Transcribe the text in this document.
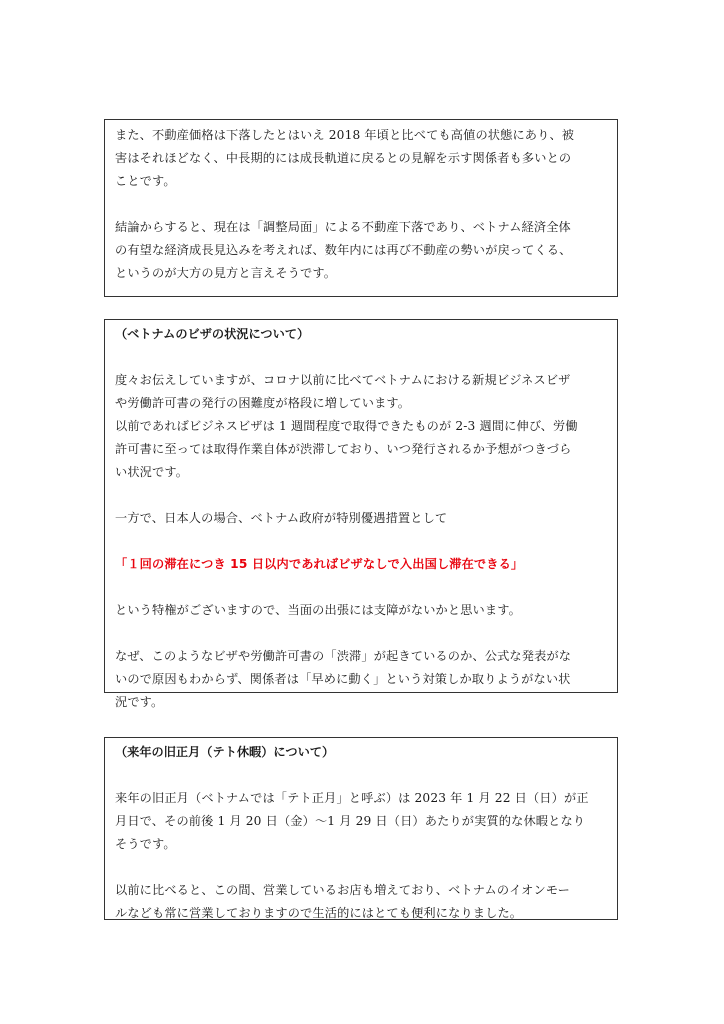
また、不動産価格は下落したとはいえ 2018 年頃と比べても高値の状態にあり、被
害はそれほどなく、中長期的には成長軌道に戻るとの見解を示す関係者も多いとの
ことです。
結論からすると、現在は「調整局面」による不動産下落であり、ベトナム経済全体
の有望な経済成長見込みを考えれば、数年内には再び不動産の勢いが戻ってくる、
というのが大方の見方と言えそうです。
（ベトナムのビザの状況について）
度々お伝えしていますが、コロナ以前に比べてベトナムにおける新規ビジネスビザ
や労働許可書の発行の困難度が格段に増しています。
以前であればビジネスビザは 1 週間程度で取得できたものが 2-3 週間に伸び、労働
許可書に至っては取得作業自体が渋滞しており、いつ発行されるか予想がつきづら
い状況です。
一方で、日本人の場合、ベトナム政府が特別優遇措置として
「１回の滞在につき 15 日以内であればビザなしで入出国し滞在できる」
という特権がございますので、当面の出張には支障がないかと思います。
なぜ、このようなビザや労働許可書の「渋滞」が起きているのか、公式な発表がな
いので原因もわからず、関係者は「早めに動く」という対策しか取りようがない状
況です。
（来年の旧正月（テト休暇）について）
来年の旧正月（ベトナムでは「テト正月」と呼ぶ）は 2023 年 1 月 22 日（日）が正
月日で、その前後 1 月 20 日（金）～1 月 29 日（日）あたりが実質的な休暇となり
そうです。
以前に比べると、この間、営業しているお店も増えており、ベトナムのイオンモー
ルなども常に営業しておりますので生活的にはとても便利になりました。
